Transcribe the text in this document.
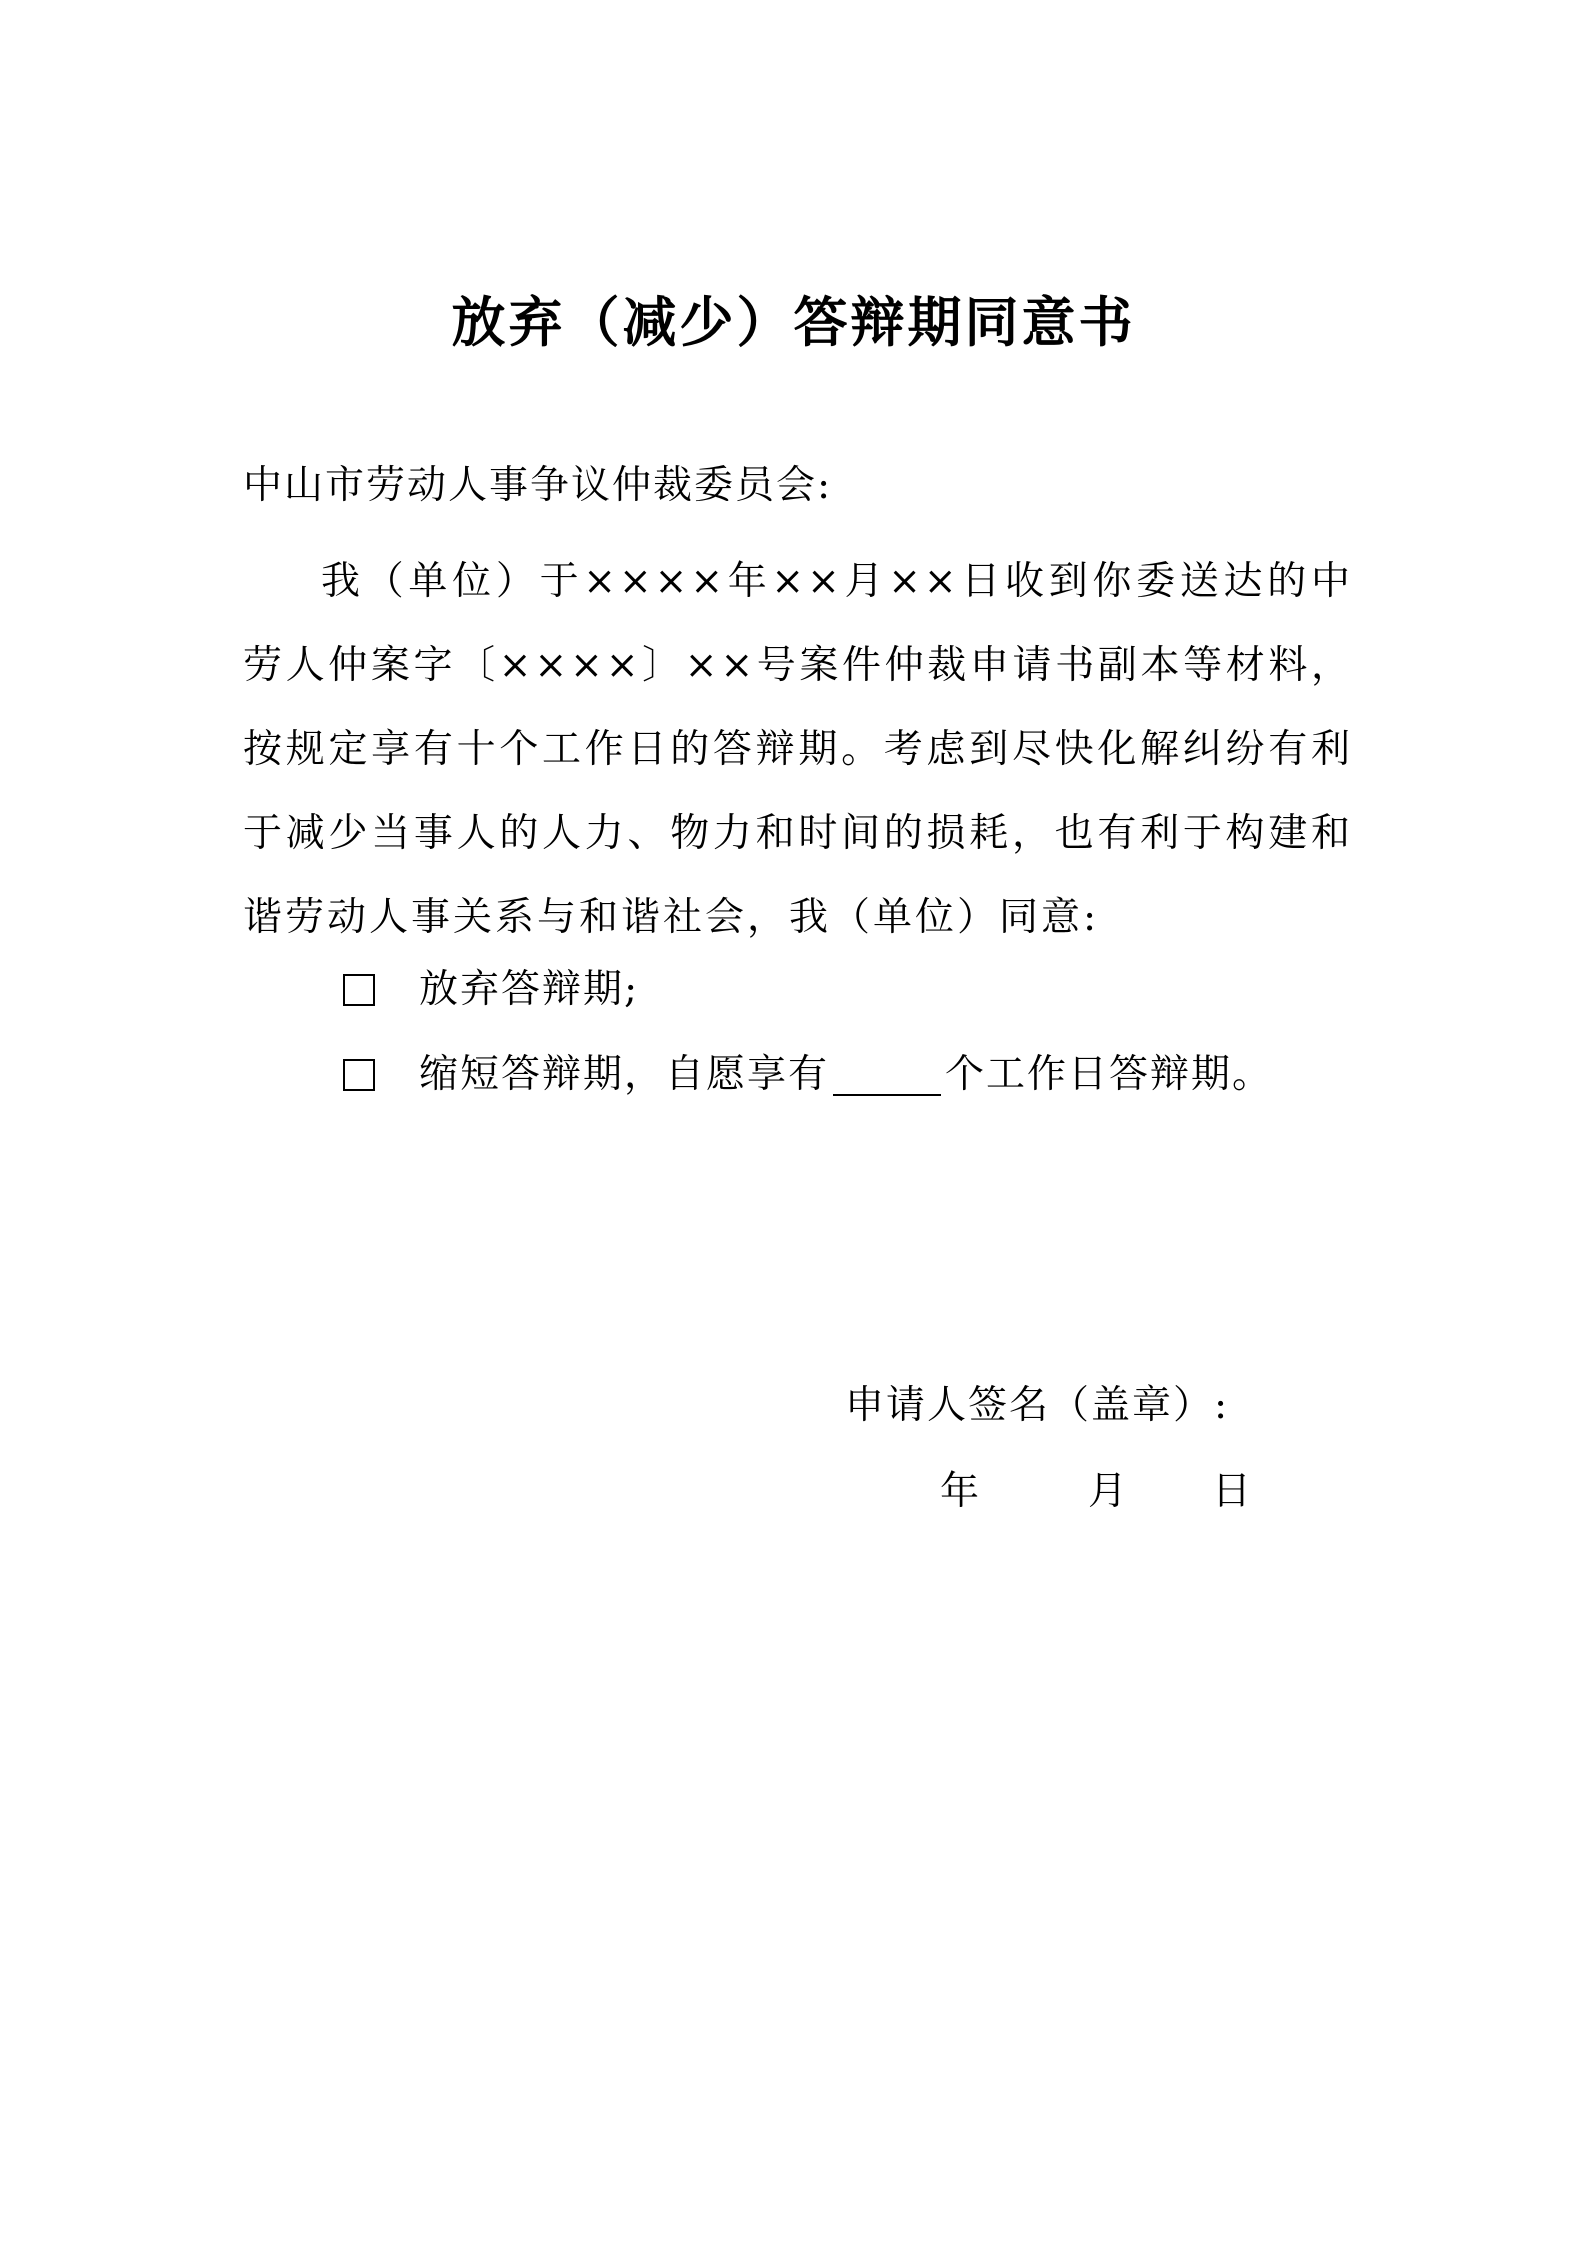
放弃（减少）答辩期同意书
中山市劳动人事争议仲裁委员会:

我（单位）于××××年××月××日收到你委送达的中劳人仲案字〔××××〕××号案件仲裁申请书副本等材料，按规定享有十个工作日的答辩期。考虑到尽快化解纠纷有利于减少当事人的人力、物力和时间的损耗，也有利于构建和谐劳动人事关系与和谐社会，我（单位）同意:

放弃答辩期;
缩短答辩期，自愿享有	个工作日答辩期。
申请人签名（盖章）:
年	月 日
